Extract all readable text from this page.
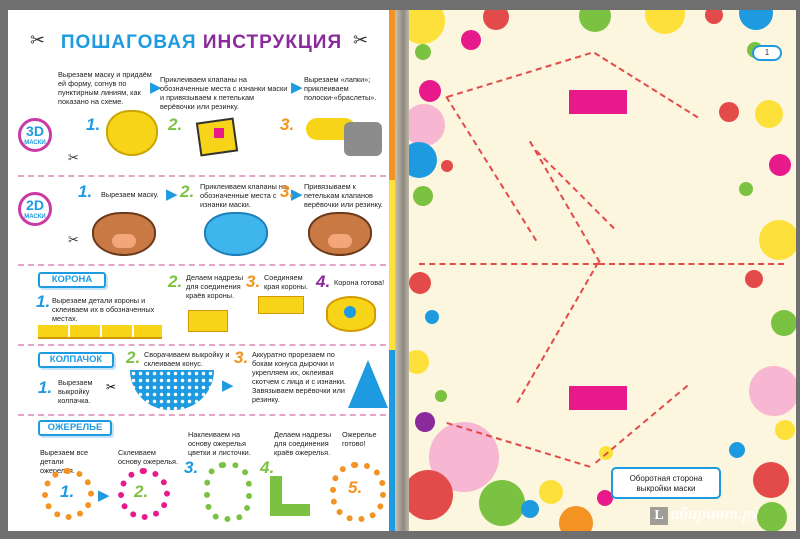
✂	✂
ПОШАГОВАЯ ИНСТРУКЦИЯ
3D
МАСКИ
✂
Вырезаем маску и придаём ей форму, согнув по пунктирным линиям, как показано на схеме.
1.
▶
Приклеиваем клапаны на обозначенные места с изнанки маски и привязываем к петелькам верёвочки или резинку.
2.
▶ Вырезаем «лапки»; приклеиваем полоски-«браслеты».
3.
2D
МАСКИ
✂
1. Вырезаем маску. ▶ 2. Приклеиваем клапаны на обозначенные места с изнанки маски.
▶
3. Привязываем к петелькам клапанов верёвочки или резинку.
КОРОНА
1. Вырезаем детали короны и склеиваем их в обозначенных местах.
2. Делаем надрезы для соединения краёв короны.
3. Соединяем края короны. 4. Корона готова!
КОЛПАЧОК
1. Вырезаем выкройку колпачка.
✂
2. Сворачиваем выкройку и склеиваем конус.
▶
3. Аккуратно прорезаем по бокам конуса дырочки и укрепляем их, оклеивая скотчем с лица и с изнанки. Завязываем верёвочки или резинку.
ОЖЕРЕЛЬЕ
Вырезаем все детали ожерелья.
1. ▶
Склеиваем основу ожерелья.
2.
Наклеиваем на основу ожерелья цветки и листочки.
3.
Делаем надрезы для соединения краёв ожерелья.
4.
Ожерелье готово!
5.
1
Оборотная сторона выкройки маски
L абиринт.ру
